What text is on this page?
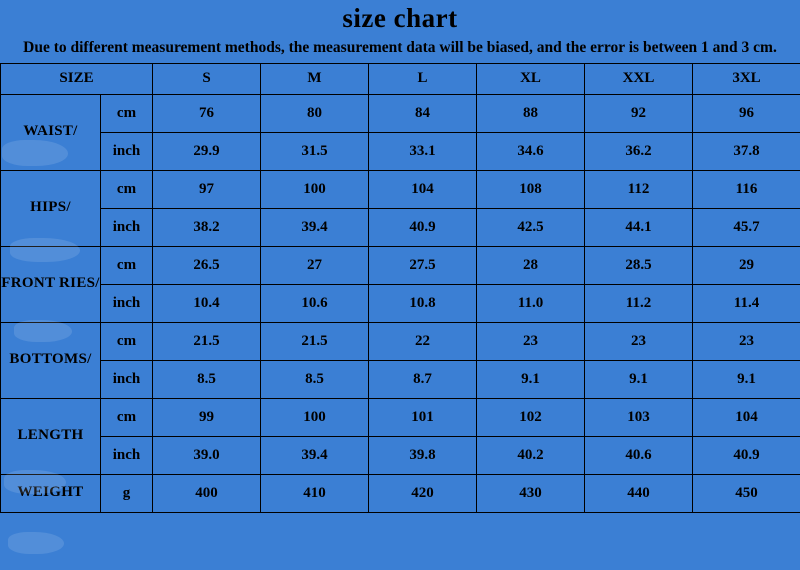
size chart
Due to different measurement methods, the measurement data will be biased, and the error is between 1 and 3 cm.
SIZE		S	M	L	XL	XXL	3XL
WAIST/	cm	76	80	84	88	92	96
	inch	29.9	31.5	33.1	34.6	36.2	37.8
HIPS/	cm	97	100	104	108	112	116
	inch	38.2	39.4	40.9	42.5	44.1	45.7
FRONT RIES/	cm	26.5	27	27.5	28	28.5	29
	inch	10.4	10.6	10.8	11.0	11.2	11.4
BOTTOMS/	cm	21.5	21.5	22	23	23	23
	inch	8.5	8.5	8.7	9.1	9.1	9.1
LENGTH	cm	99	100	101	102	103	104
	inch	39.0	39.4	39.8	40.2	40.6	40.9
WEIGHT	g	400	410	420	430	440	450
